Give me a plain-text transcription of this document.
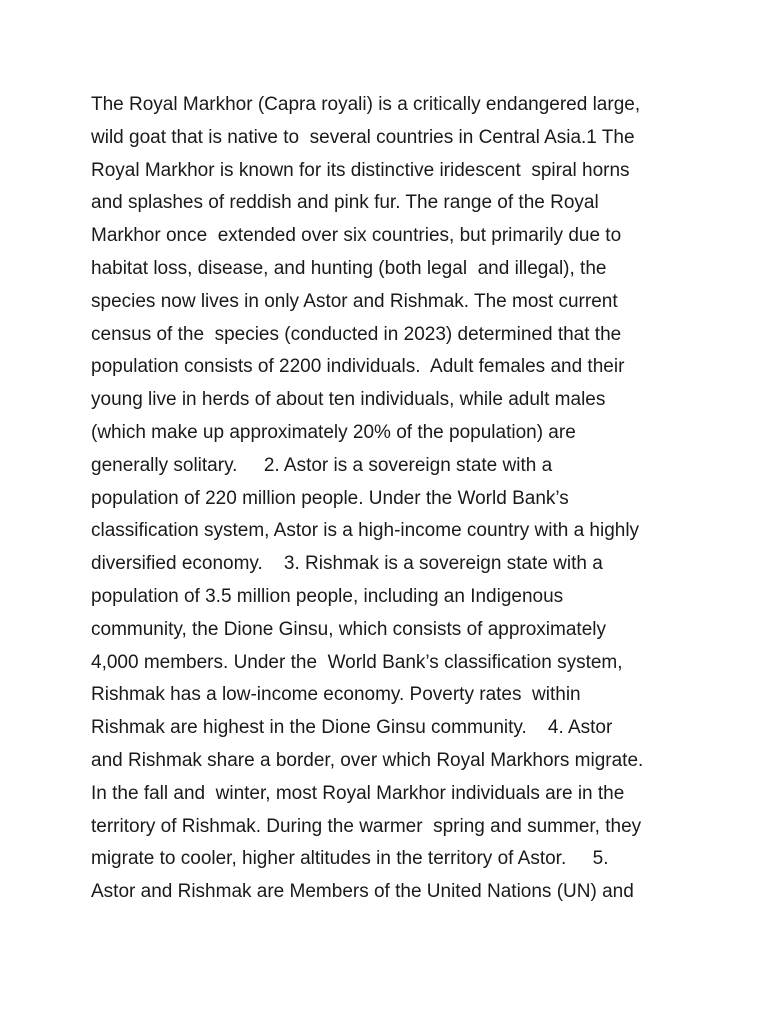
The Royal Markhor (Capra royali) is a critically endangered large,
wild goat that is native to  several countries in Central Asia.1 The
Royal Markhor is known for its distinctive iridescent  spiral horns
and splashes of reddish and pink fur. The range of the Royal
Markhor once  extended over six countries, but primarily due to
habitat loss, disease, and hunting (both legal  and illegal), the
species now lives in only Astor and Rishmak. The most current
census of the  species (conducted in 2023) determined that the
population consists of 2200 individuals.  Adult females and their
young live in herds of about ten individuals, while adult males
(which make up approximately 20% of the population) are
generally solitary.     2. Astor is a sovereign state with a
population of 220 million people. Under the World Bank’s
classification system, Astor is a high-income country with a highly
diversified economy.    3. Rishmak is a sovereign state with a
population of 3.5 million people, including an Indigenous
community, the Dione Ginsu, which consists of approximately
4,000 members. Under the  World Bank’s classification system,
Rishmak has a low-income economy. Poverty rates  within
Rishmak are highest in the Dione Ginsu community.    4. Astor
and Rishmak share a border, over which Royal Markhors migrate.
In the fall and  winter, most Royal Markhor individuals are in the
territory of Rishmak. During the warmer  spring and summer, they
migrate to cooler, higher altitudes in the territory of Astor.     5.
Astor and Rishmak are Members of the United Nations (UN) and
